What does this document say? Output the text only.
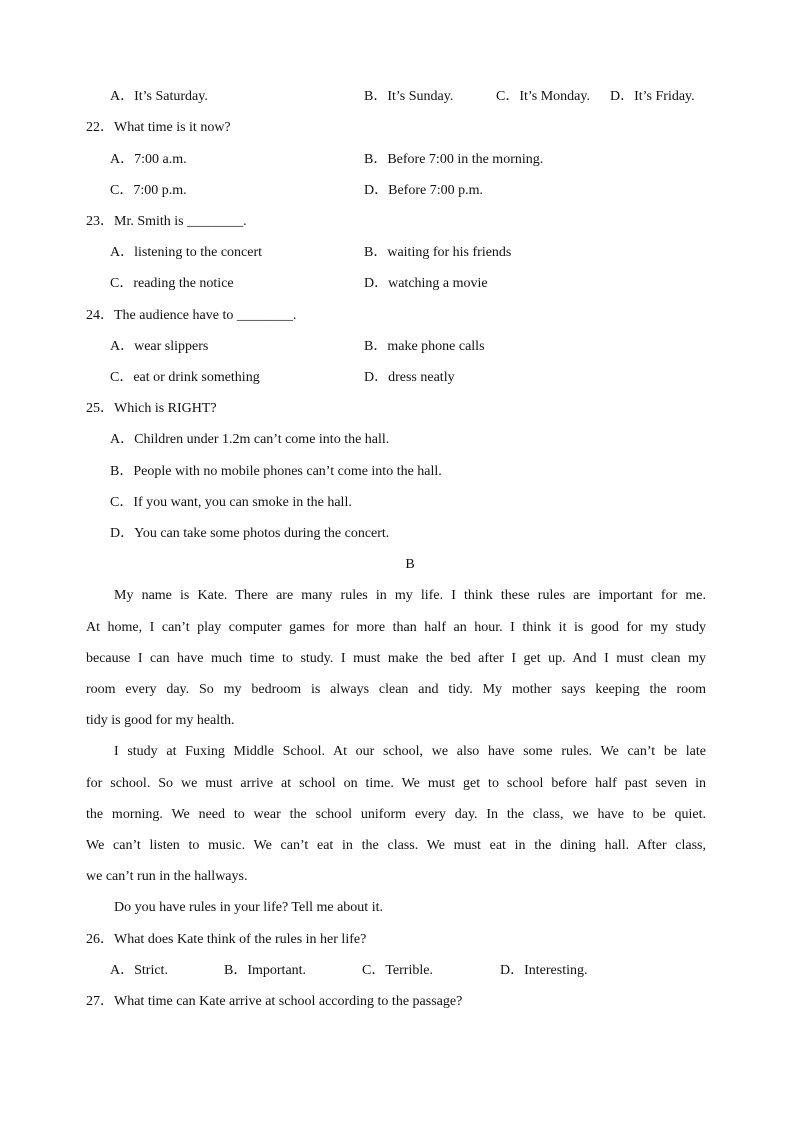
A．It’s Saturday.	B．It’s Sunday.	C．It’s Monday. D．It’s Friday.
22．What time is it now?
A．7:00 a.m.	B．Before 7:00 in the morning.
C．7:00 p.m.	D．Before 7:00 p.m.
23．Mr. Smith is ________.
A．listening to the concert	B．waiting for his friends
C．reading the notice	D．watching a movie
24．The audience have to ________.
A．wear slippers	B．make phone calls
C．eat or drink something	D．dress neatly
25．Which is RIGHT?
A．Children under 1.2m can’t come into the hall.
B．People with no mobile phones can’t come into the hall.
C．If you want, you can smoke in the hall.
D．You can take some photos during the concert.
B
My name is Kate. There are many rules in my life. I think these rules are important for me.
At home, I can’t play computer games for more than half an hour. I think it is good for my study
because I can have much time to study. I must make the bed after I get up. And I must clean my
room every day. So my bedroom is always clean and tidy. My mother says keeping the room
tidy is good for my health.
I study at Fuxing Middle School. At our school, we also have some rules. We can’t be late
for school. So we must arrive at school on time. We must get to school before half past seven in
the morning. We need to wear the school uniform every day. In the class, we have to be quiet.
We can’t listen to music. We can’t eat in the class. We must eat in the dining hall. After class,
we can’t run in the hallways.
Do you have rules in your life? Tell me about it.
26．What does Kate think of the rules in her life?
A．Strict.	B．Important.	C．Terrible.	D．Interesting.
27．What time can Kate arrive at school according to the passage?
